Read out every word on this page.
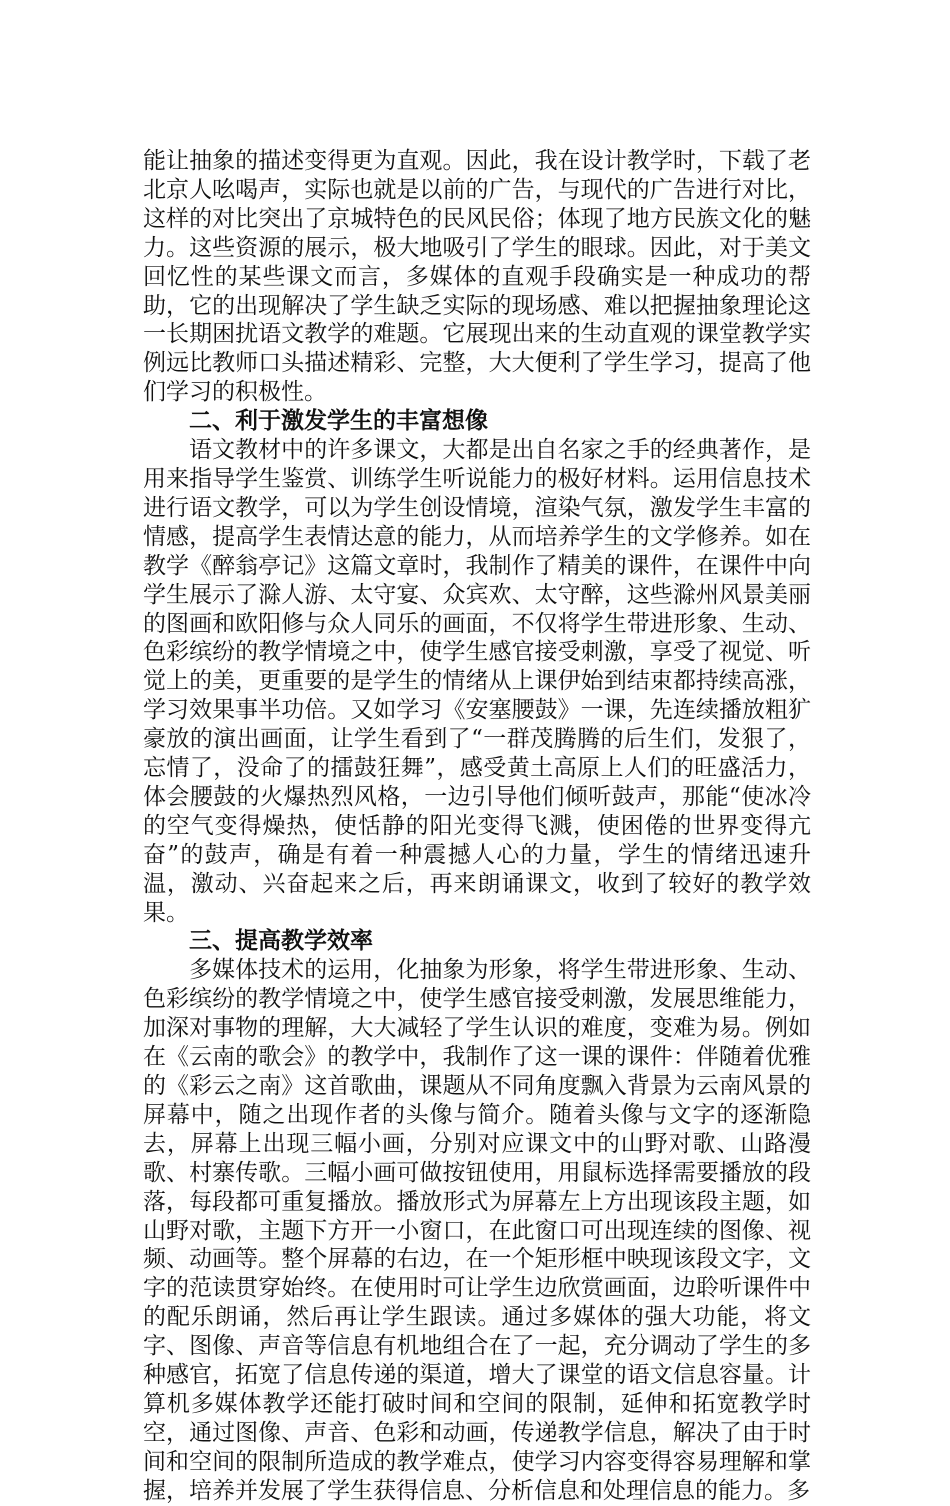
能让抽象的描述变得更为直观。因此，我在设计教学时，下载了老北京人吆喝声，实际也就是以前的广告，与现代的广告进行对比，这样的对比突出了京城特色的民风民俗；体现了地方民族文化的魅力。这些资源的展示，极大地吸引了学生的眼球。因此，对于美文回忆性的某些课文而言，多媒体的直观手段确实是一种成功的帮助，它的出现解决了学生缺乏实际的现场感、难以把握抽象理论这一长期困扰语文教学的难题。它展现出来的生动直观的课堂教学实例远比教师口头描述精彩、完整，大大便利了学生学习，提高了他们学习的积极性。

二、利于激发学生的丰富想像

语文教材中的许多课文，大都是出自名家之手的经典著作，是用来指导学生鉴赏、训练学生听说能力的极好材料。运用信息技术进行语文教学，可以为学生创设情境，渲染气氛，激发学生丰富的情感，提高学生表情达意的能力，从而培养学生的文学修养。如在教学《醉翁亭记》这篇文章时，我制作了精美的课件，在课件中向学生展示了滁人游、太守宴、众宾欢、太守醉，这些滁州风景美丽的图画和欧阳修与众人同乐的画面，不仅将学生带进形象、生动、色彩缤纷的教学情境之中，使学生感官接受刺激，享受了视觉、听觉上的美，更重要的是学生的情绪从上课伊始到结束都持续高涨，学习效果事半功倍。又如学习《安塞腰鼓》一课，先连续播放粗犷豪放的演出画面，让学生看到了“一群茂腾腾的后生们，发狠了，忘情了，没命了的擂鼓狂舞”，感受黄土高原上人们的旺盛活力，体会腰鼓的火爆热烈风格，一边引导他们倾听鼓声，那能“使冰冷的空气变得燥热，使恬静的阳光变得飞溅，使困倦的世界变得亢奋”的鼓声，确是有着一种震撼人心的力量，学生的情绪迅速升温，激动、兴奋起来之后，再来朗诵课文，收到了较好的教学效果。

三、提高教学效率

多媒体技术的运用，化抽象为形象，将学生带进形象、生动、色彩缤纷的教学情境之中，使学生感官接受刺激，发展思维能力，加深对事物的理解，大大减轻了学生认识的难度，变难为易。例如在《云南的歌会》的教学中，我制作了这一课的课件：伴随着优雅的《彩云之南》这首歌曲，课题从不同角度飘入背景为云南风景的屏幕中，随之出现作者的头像与简介。随着头像与文字的逐渐隐去，屏幕上出现三幅小画，分别对应课文中的山野对歌、山路漫歌、村寨传歌。三幅小画可做按钮使用，用鼠标选择需要播放的段落，每段都可重复播放。播放形式为屏幕左上方出现该段主题，如山野对歌，主题下方开一小窗口，在此窗口可出现连续的图像、视频、动画等。整个屏幕的右边，在一个矩形框中映现该段文字，文字的范读贯穿始终。在使用时可让学生边欣赏画面，边聆听课件中的配乐朗诵，然后再让学生跟读。通过多媒体的强大功能，将文字、图像、声音等信息有机地组合在了一起，充分调动了学生的多种感官，拓宽了信息传递的渠道，增大了课堂的语文信息容量。计算机多媒体教学还能打破时间和空间的限制，延伸和拓宽教学时空，通过图像、声音、色彩和动画，传递教学信息，解决了由于时间和空间的限制所造成的教学难点，使学习内容变得容易理解和掌握，培养并发展了学生获得信息、分析信息和处理信息的能力。多
